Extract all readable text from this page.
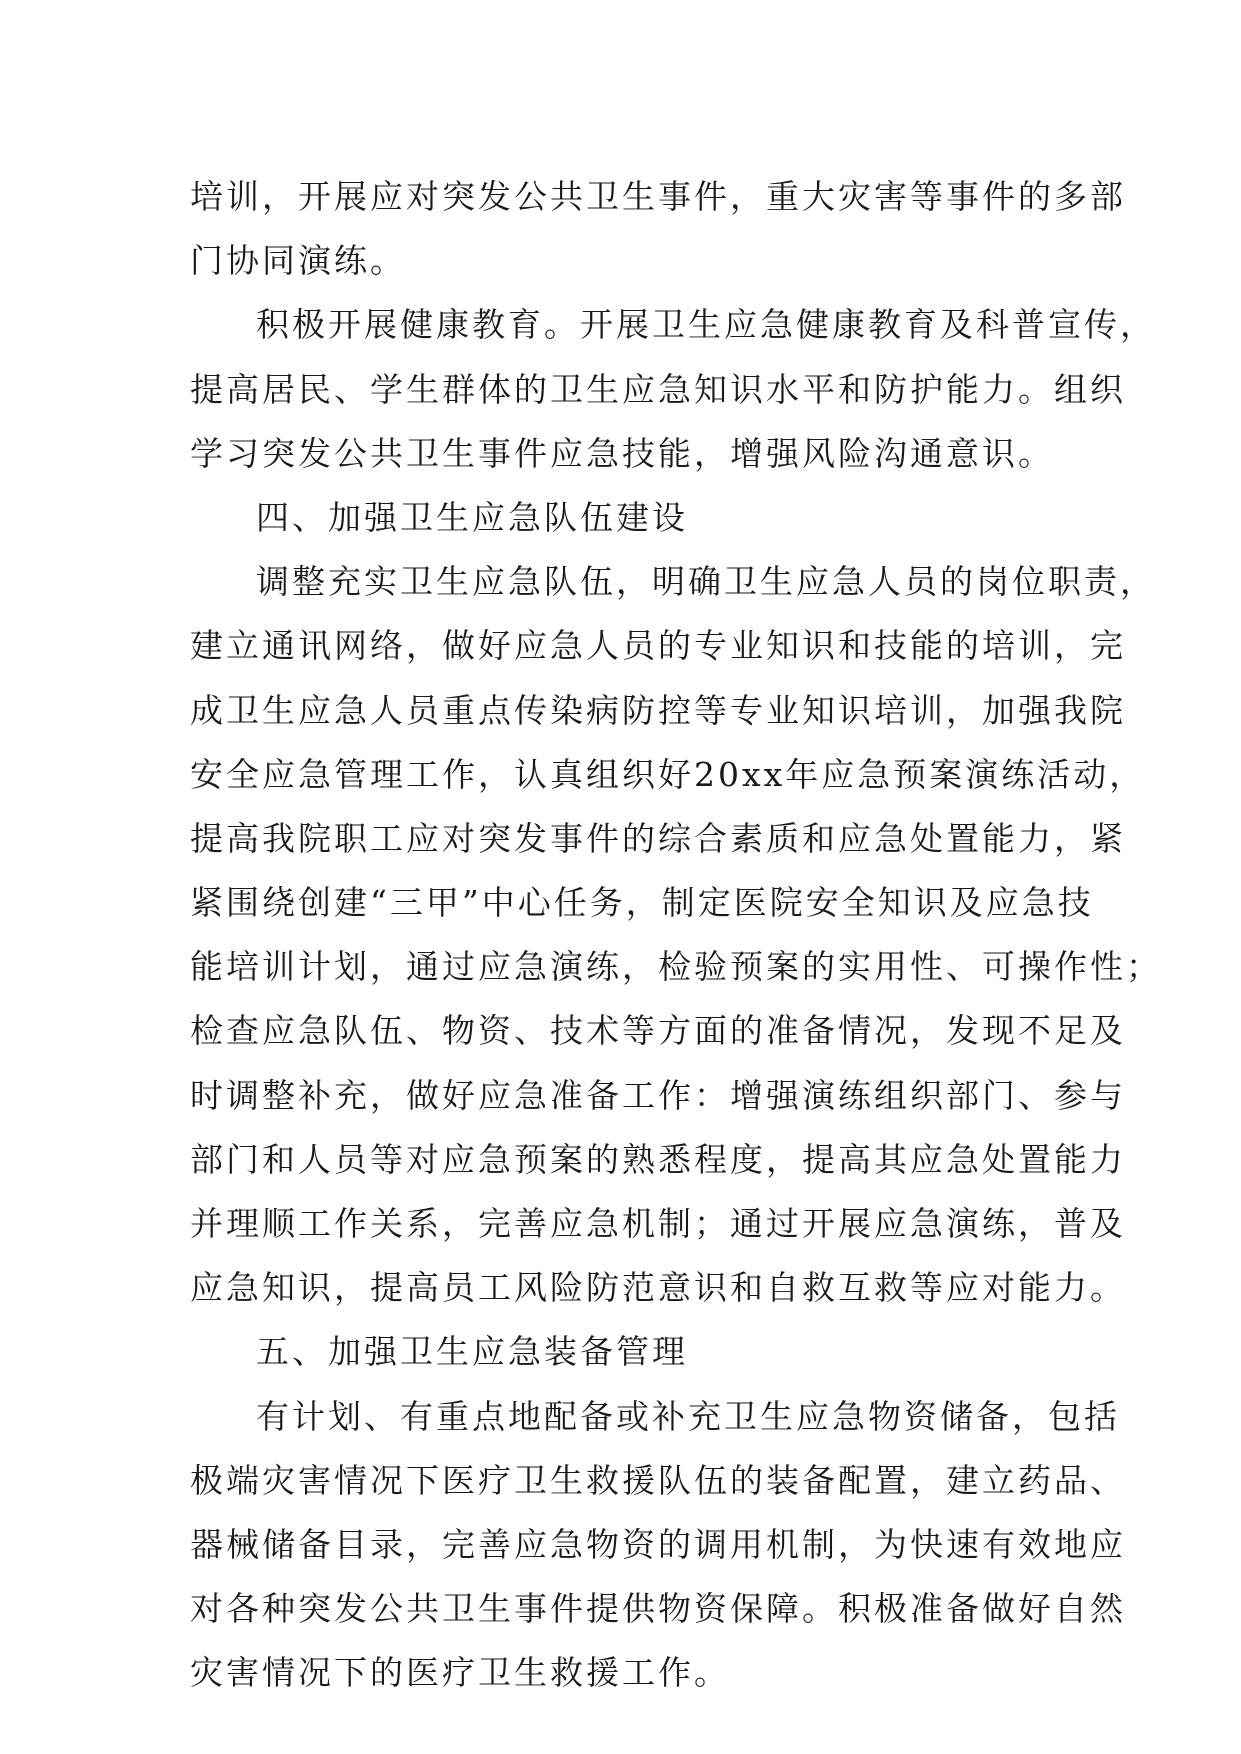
培训，开展应对突发公共卫生事件，重大灾害等事件的多部
门协同演练。
积极开展健康教育。开展卫生应急健康教育及科普宣传，
提高居民、学生群体的卫生应急知识水平和防护能力。组织
学习突发公共卫生事件应急技能，增强风险沟通意识。
四、加强卫生应急队伍建设
调整充实卫生应急队伍，明确卫生应急人员的岗位职责，
建立通讯网络，做好应急人员的专业知识和技能的培训，完
成卫生应急人员重点传染病防控等专业知识培训，加强我院
安全应急管理工作，认真组织好20xx年应急预案演练活动，
提高我院职工应对突发事件的综合素质和应急处置能力，紧
紧围绕创建“三甲”中心任务，制定医院安全知识及应急技
能培训计划，通过应急演练，检验预案的实用性、可操作性；
检查应急队伍、物资、技术等方面的准备情况，发现不足及
时调整补充，做好应急准备工作：增强演练组织部门、参与
部门和人员等对应急预案的熟悉程度，提高其应急处置能力
并理顺工作关系，完善应急机制；通过开展应急演练，普及
应急知识，提高员工风险防范意识和自救互救等应对能力。
五、加强卫生应急装备管理
有计划、有重点地配备或补充卫生应急物资储备，包括
极端灾害情况下医疗卫生救援队伍的装备配置，建立药品、
器械储备目录，完善应急物资的调用机制，为快速有效地应
对各种突发公共卫生事件提供物资保障。积极准备做好自然
灾害情况下的医疗卫生救援工作。
